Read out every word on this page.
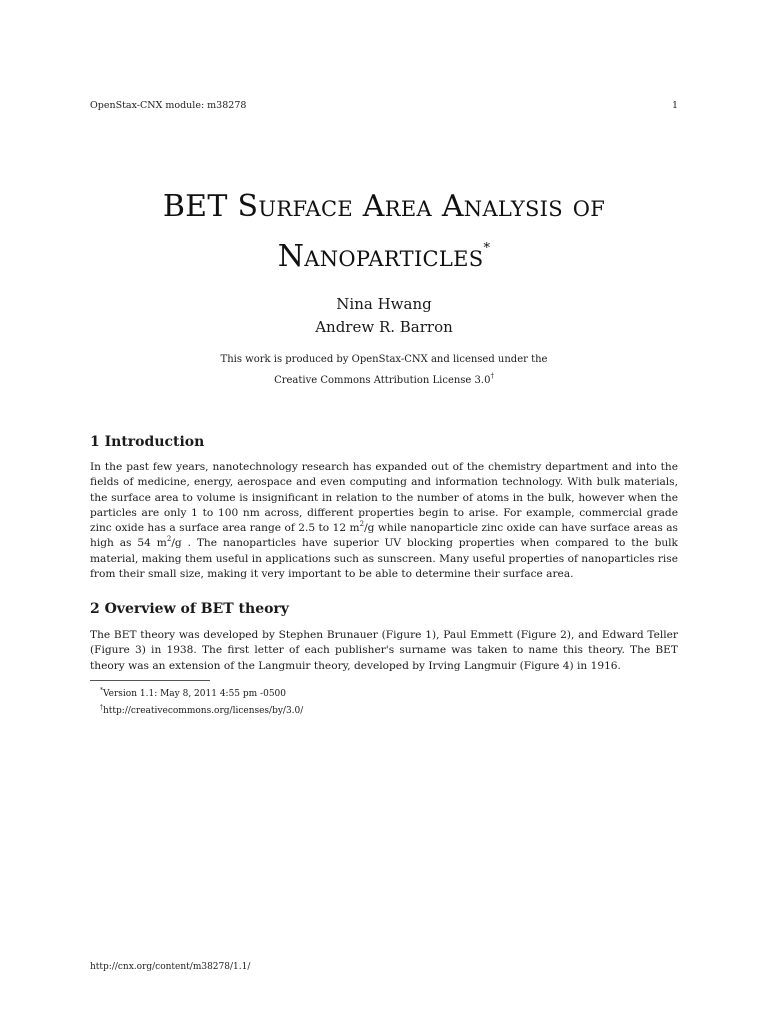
OpenStax-CNX module: m38278	1
BET Surface Area Analysis of
Nanoparticles*
Nina Hwang
Andrew R. Barron
This work is produced by OpenStax-CNX and licensed under the
Creative Commons Attribution License 3.0†
1 Introduction
In the past few years, nanotechnology research has expanded out of the chemistry department and into the fields of medicine, energy, aerospace and even computing and information technology. With bulk materials, the surface area to volume is insignificant in relation to the number of atoms in the bulk, however when the particles are only 1 to 100 nm across, different properties begin to arise. For example, commercial grade zinc oxide has a surface area range of 2.5 to 12 $m^2/g$ while nanoparticle zinc oxide can have surface areas as high as 54 $m^2/g$ . The nanoparticles have superior UV blocking properties when compared to the bulk material, making them useful in applications such as sunscreen. Many useful properties of nanoparticles rise from their small size, making it very important to be able to determine their surface area.
2 Overview of BET theory
The BET theory was developed by Stephen Brunauer (Figure 1), Paul Emmett (Figure 2), and Edward Teller (Figure 3) in 1938. The first letter of each publisher's surname was taken to name this theory. The BET theory was an extension of the Langmuir theory, developed by Irving Langmuir (Figure 4) in 1916.
*Version 1.1: May 8, 2011 4:55 pm -0500
†http://creativecommons.org/licenses/by/3.0/
http://cnx.org/content/m38278/1.1/
